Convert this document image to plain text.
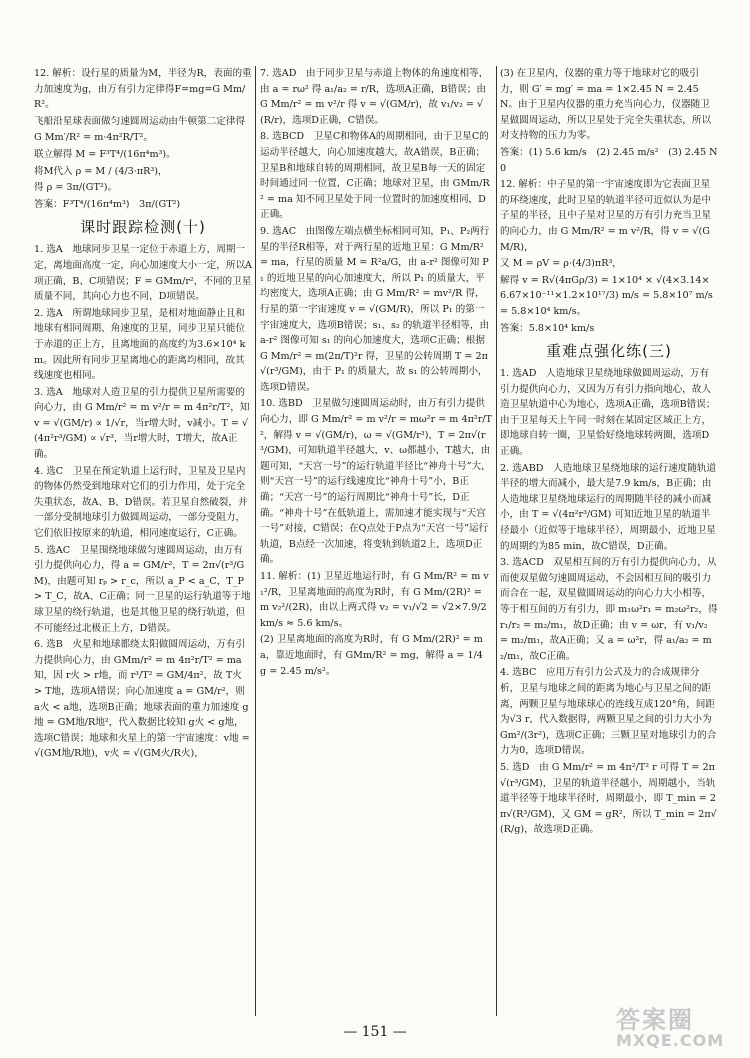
12. 解析：设行星的质量为M，半径为R，表面的重力加速度为g，由万有引力定律得F=mg=G Mm/R²。
飞船沿星球表面做匀速圆周运动由牛顿第二定律得
G Mm′/R² = m·4π²R/T²。
联立解得 M = F³T⁴/(16π⁴m³)。
将M代入 ρ = M / (4/3·πR³)，
得 ρ = 3π/(GT²)。
答案：F³T⁴/(16π⁴m³)　3π/(GT²)
课时跟踪检测(十)
1. 选A　地球同步卫星一定位于赤道上方，周期一定，离地面高度一定，向心加速度大小一定，所以A项正确，B、C项错误；F = GMm/r²，不同的卫星质量不同，其向心力也不同，D项错误。
2. 选A　所谓地球同步卫星，是相对地面静止且和地球有相同周期、角速度的卫星，同步卫星只能位于赤道的正上方，且离地面的高度约为3.6×10⁴ km。因此所有同步卫星离地心的距离均相同，故其线速度也相同。
3. 选A　地球对人造卫星的引力提供卫星所需要的向心力，由 G Mm/r² = m v²/r = m 4π²r/T²，知 v = √(GM/r) ∝ 1/√r，当r增大时，v减小。T = √(4π²r³/GM) ∝ √r³，当r增大时，T增大，故A正确。
4. 选C　卫星在预定轨道上运行时，卫星及卫星内的物体仍然受到地球对它们的引力作用，处于完全失重状态，故A、B、D错误。若卫星自然破裂，并一部分受制地球引力做圆周运动，一部分受阻力，它们依旧按原来的轨道，相同速度运行，C正确。
5. 选AC　卫星围绕地球做匀速圆周运动，由万有引力提供向心力，得 a = GM/r²，T = 2π√(r³/GM)，由题可知 rₚ > r_c，所以 a_P < a_C，T_P > T_C，故A、C正确；同一卫星的运行轨道等于地球卫星的绕行轨道，也是其他卫星的绕行轨道，但不可能经过北极正上方，D错误。
6. 选B　火星和地球都绕太阳做圆周运动，万有引力提供向心力，由 GMm/r² = m 4π²r/T² = ma 知，因 r火 > r地，而 r³/T² = GM/4π²，故 T火 > T地，选项A错误；向心加速度 a = GM/r²，则 a火 < a地，选项B正确；地球表面的重力加速度 g地 = GM地/R地²，代入数据比较知 g火 < g地，选项C错误；地球和火星上的第一宇宙速度：v地 = √(GM地/R地)，v火 = √(GM火/R火)，
7. 选AD　由于同步卫星与赤道上物体的角速度相等，由 a = rω² 得 a₁/a₂ = r/R，选项A正确，B错误；由 G Mm/r² = m v²/r 得 v = √(GM/r)，故 v₁/v₂ = √(R/r)，选项D正确，C错误。
8. 选BCD　卫星C和物体A的周期相同，由于卫星C的运动半径越大，向心加速度越大，故A错误，B正确；卫星B和地球自转的周期相同，故卫星B每一天的固定时间通过同一位置，C正确；地球对卫星，由 GMm/R² = ma 知不同卫星处于同一位置时的加速度相同，D正确。
9. 选AC　由图像左端点横坐标相同可知，P₁、P₂两行星的半径R相等，对于两行星的近地卫星：G Mm/R² = ma，行星的质量 M = R²a/G，由 a-r² 图像可知 P₁ 的近地卫星的向心加速度大，所以 P₁ 的质量大，平均密度大，选项A正确；由 G Mm/R² = mv²/R 得，行星的第一宇宙速度 v = √(GM/R)，所以 P₁ 的第一宇宙速度大，选项B错误；s₁、s₂ 的轨道半径相等，由 a-r² 图像可知 s₁ 的向心加速度大，选项C正确；根据 G Mm/r² = m(2π/T)²r 得，卫星的公转周期 T = 2π√(r³/GM)，由于 P₁ 的质量大，故 s₁ 的公转周期小，选项D错误。
10. 选BD　卫星做匀速圆周运动时，由万有引力提供向心力，即 G Mm/r² = m v²/r = mω²r = m 4π²r/T²，解得 v = √(GM/r)，ω = √(GM/r³)，T = 2π√(r³/GM)，可知轨道半径越大，v、ω都越小，T越大，由题可知，“天宫一号”的运行轨道半径比“神舟十号”大，则“天宫一号”的运行线速度比“神舟十号”小，B正确；“天宫一号”的运行周期比“神舟十号”长，D正确。“神舟十号”在低轨道上，需加速才能实现与“天宫一号”对接，C错误；在Q点处于P点为“天宫一号”运行轨道，B点经一次加速，将变轨到轨道2上，选项D正确。
11. 解析：(1) 卫星近地运行时，有 G Mm/R² = m v₁²/R，卫星离地面的高度为R时，有 G Mm/(2R)² = m v₂²/(2R)，由以上两式得 v₂ = v₁/√2 = √2×7.9/2 km/s ≈ 5.6 km/s。
(2) 卫星离地面的高度为R时，有 G Mm/(2R)² = ma，靠近地面时，有 GMm/R² = mg，解得 a = 1/4 g = 2.45 m/s²。
(3) 在卫星内，仪器的重力等于地球对它的吸引力，则 G′ = mg′ = ma = 1×2.45 N = 2.45 N。由于卫星内仪器的重力充当向心力，仪器随卫星做圆周运动，所以卫星处于完全失重状态，所以对支持物的压力为零。
答案：(1) 5.6 km/s　(2) 2.45 m/s²　(3) 2.45 N　0
12. 解析：中子星的第一宇宙速度即为它表面卫星的环绕速度，此时卫星的轨道半径可近似认为是中子星的半径，且中子星对卫星的万有引力充当卫星的向心力，由 G Mm/R² = m v²/R，得 v = √(GM/R)，
又 M = ρV = ρ·(4/3)πR³，
解得 v = R√(4πGρ/3) = 1×10⁴ × √(4×3.14×6.67×10⁻¹¹×1.2×10¹⁷/3) m/s = 5.8×10⁷ m/s = 5.8×10⁴ km/s。
答案：5.8×10⁴ km/s
重难点强化练(三)
1. 选AD　人造地球卫星绕地球做圆周运动，万有引力提供向心力，又因为万有引力指向地心，故人造卫星轨道中心为地心，选项A正确，选项B错误；由于卫星每天上午同一时刻在某固定区域正上方，即地球自转一圈，卫星恰好绕地球转两圈，选项D正确。
2. 选ABD　人造地球卫星绕地球的运行速度随轨道半径的增大而减小，最大是7.9 km/s，B正确；由人造地球卫星绕地球运行的周期随半径的减小而减小，由 T = √(4π²r³/GM) 可知近地卫星的轨道半径最小（近似等于地球半径），周期最小，近地卫星的周期约为85 min，故C错误，D正确。
3. 选ACD　双星相互间的万有引力提供向心力，从而使双星做匀速圆周运动，不会因相互间的吸引力而合在一起，双星做圆周运动的向心力大小相等，等于相互间的万有引力，即 m₁ω²r₁ = m₂ω²r₂，得 r₁/r₂ = m₂/m₁，故D正确；由 v = ωr，有 v₁/v₂ = m₂/m₁，故A正确；又 a = ω²r，得 a₁/a₂ = m₂/m₁，故C正确。
4. 选BC　应用万有引力公式及力的合成规律分析，卫星与地球之间的距离为地心与卫星之间的距离，两颗卫星与地球球心的连线互成120°角，间距为√3 r，代入数据得，两颗卫星之间的引力大小为 Gm²/(3r²)，选项C正确；三颗卫星对地球引力的合力为0，选项D错误。
5. 选D　由 G Mm/r² = m 4π²/T² r 可得 T = 2π√(r³/GM)，卫星的轨道半径越小，周期越小，当轨道半径等于地球半径时，周期最小，即 T_min = 2π√(R³/GM)，又 GM = gR²，所以 T_min = 2π√(R/g)，故选项D正确。
— 151 —	答案圈
MXQE.COM
